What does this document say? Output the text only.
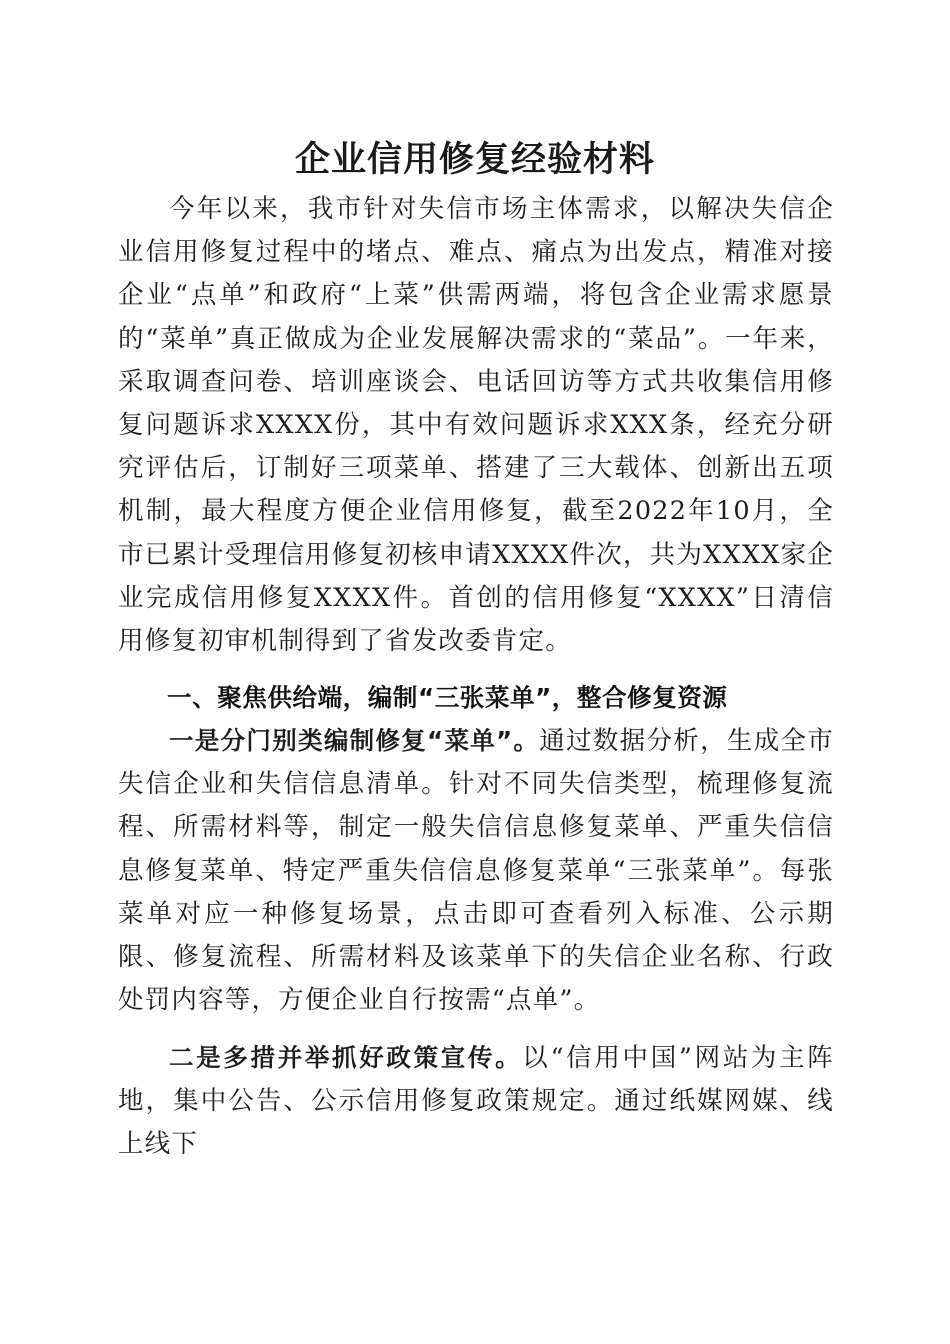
企业信用修复经验材料

今年以来，我市针对失信市场主体需求，以解决失信企业信用修复过程中的堵点、难点、痛点为出发点，精准对接企业“点单”和政府“上菜”供需两端，将包含企业需求愿景的“菜单”真正做成为企业发展解决需求的“菜品”。一年来，采取调查问卷、培训座谈会、电话回访等方式共收集信用修复问题诉求XXXX份，其中有效问题诉求XXX条，经充分研究评估后，订制好三项菜单、搭建了三大载体、创新出五项机制，最大程度方便企业信用修复，截至2022年10月，全市已累计受理信用修复初核申请XXXX件次，共为XXXX家企业完成信用修复XXXX件。首创的信用修复“XXXX”日清信用修复初审机制得到了省发改委肯定。

一、聚焦供给端，编制“三张菜单”，整合修复资源

一是分门别类编制修复“菜单”。通过数据分析，生成全市失信企业和失信信息清单。针对不同失信类型，梳理修复流程、所需材料等，制定一般失信信息修复菜单、严重失信信息修复菜单、特定严重失信信息修复菜单“三张菜单”。每张菜单对应一种修复场景，点击即可查看列入标准、公示期限、修复流程、所需材料及该菜单下的失信企业名称、行政处罚内容等，方便企业自行按需“点单”。

二是多措并举抓好政策宣传。以“信用中国”网站为主阵地，集中公告、公示信用修复政策规定。通过纸媒网媒、线上线下
